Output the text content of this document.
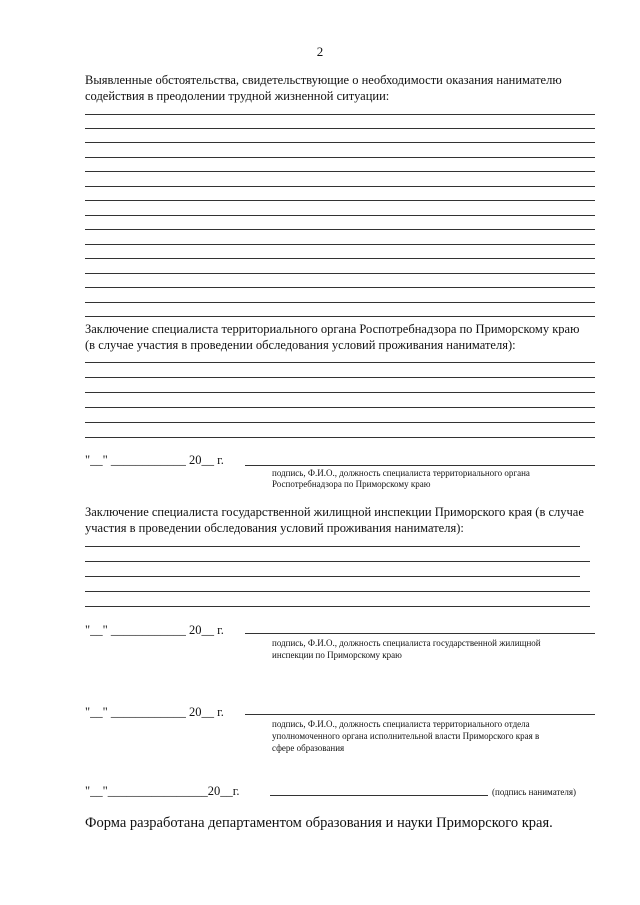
2
Выявленные обстоятельства, свидетельствующие о необходимости оказания нанимателю
содействия в преодолении трудной жизненной ситуации:
Заключение специалиста территориального органа Роспотребнадзора по Приморскому краю
(в случае участия в проведении обследования условий проживания нанимателя):
"__" ____________ 20__ г.
подпись, Ф.И.О., должность специалиста территориального органа
Роспотребнадзора по Приморскому краю
Заключение специалиста государственной жилищной инспекции Приморского края (в случае
участия в проведении обследования условий проживания нанимателя):
"__" ____________ 20__ г.
подпись, Ф.И.О., должность специалиста государственной жилищной
инспекции по Приморскому краю
"__" ____________ 20__ г.
подпись, Ф.И.О., должность специалиста территориального отдела
уполномоченного органа исполнительной власти Приморского края в
сфере образования
"__"________________20__г.	(подпись нанимателя)
Форма разработана департаментом образования и науки Приморского края.
